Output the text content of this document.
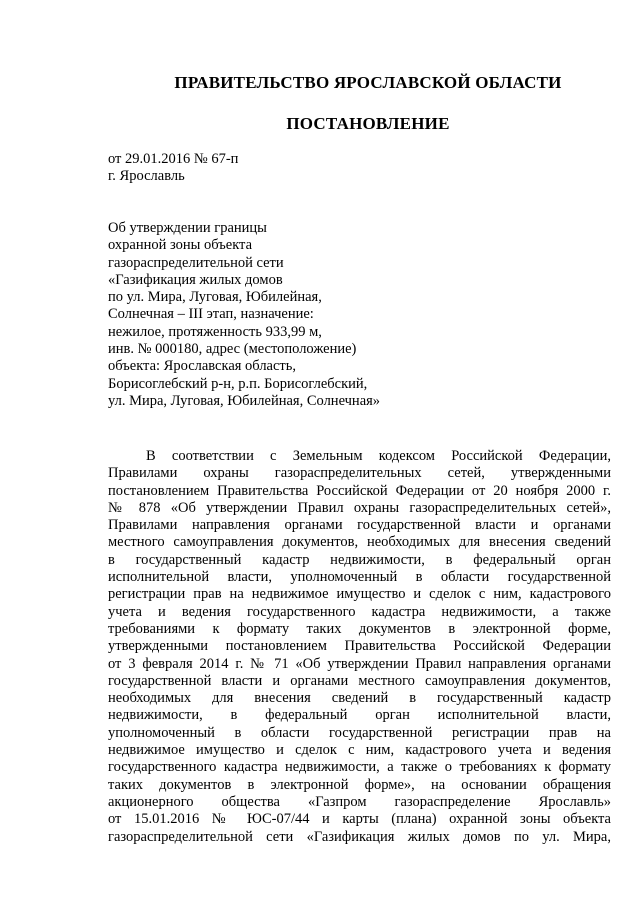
ПРАВИТЕЛЬСТВО ЯРОСЛАВСКОЙ ОБЛАСТИ
ПОСТАНОВЛЕНИЕ
от 29.01.2016 № 67-п
г. Ярославль
Об утверждении границы
охранной зоны объекта
газораспределительной сети
«Газификация жилых домов
по ул. Мира, Луговая, Юбилейная,
Солнечная – III этап, назначение:
нежилое, протяженность 933,99 м,
инв. № 000180, адрес (местоположение)
объекта: Ярославская область,
Борисоглебский р-н, р.п. Борисоглебский,
ул. Мира, Луговая, Юбилейная, Солнечная»
В соответствии с Земельным кодексом Российской Федерации,
Правилами охраны газораспределительных сетей, утвержденными
постановлением Правительства Российской Федерации от 20 ноября 2000 г.
№ 878 «Об утверждении Правил охраны газораспределительных сетей»,
Правилами направления органами государственной власти и органами
местного самоуправления документов, необходимых для внесения сведений
в государственный кадастр недвижимости, в федеральный орган
исполнительной власти, уполномоченный в области государственной
регистрации прав на недвижимое имущество и сделок с ним, кадастрового
учета и ведения государственного кадастра недвижимости, а также
требованиями к формату таких документов в электронной форме,
утвержденными постановлением Правительства Российской Федерации
от 3 февраля 2014 г. № 71 «Об утверждении Правил направления органами
государственной власти и органами местного самоуправления документов,
необходимых для внесения сведений в государственный кадастр
недвижимости, в федеральный орган исполнительной власти,
уполномоченный в области государственной регистрации прав на
недвижимое имущество и сделок с ним, кадастрового учета и ведения
государственного кадастра недвижимости, а также о требованиях к формату
таких документов в электронной форме», на основании обращения
акционерного общества «Газпром газораспределение Ярославль»
от 15.01.2016 № ЮС-07/44 и карты (плана) охранной зоны объекта
газораспределительной сети «Газификация жилых домов по ул. Мира,
